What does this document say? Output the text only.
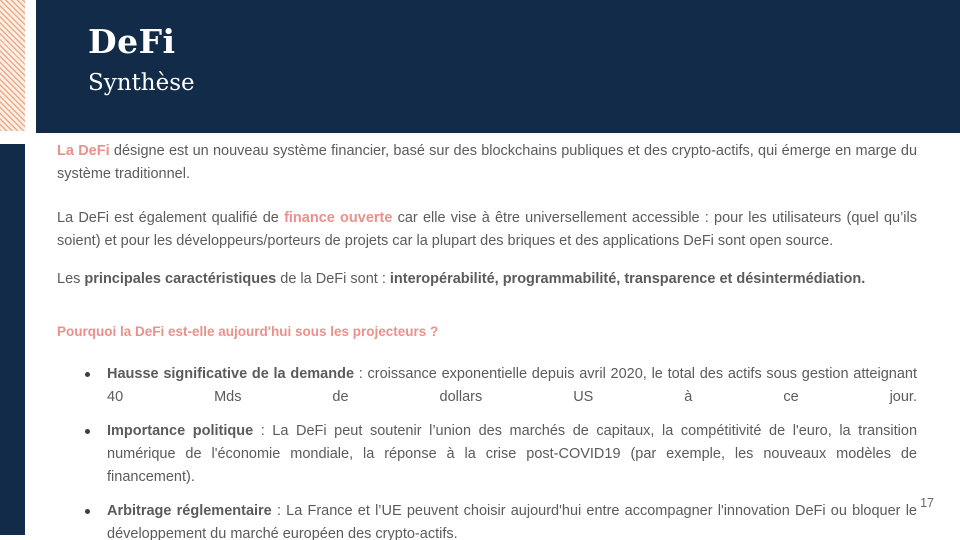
DeFi
Synthèse

La DeFi désigne est un nouveau système financier, basé sur des blockchains publiques et des crypto-actifs, qui émerge en marge du système traditionnel.

La DeFi est également qualifié de finance ouverte car elle vise à être universellement accessible : pour les utilisateurs (quel qu’ils soient) et pour les développeurs/porteurs de projets car la plupart des briques et des applications DeFi sont open source.

Les principales caractéristiques de la DeFi sont : interopérabilité, programmabilité, transparence et désintermédiation.

Pourquoi la DeFi est-elle aujourd'hui sous les projecteurs ?
Hausse significative de la demande : croissance exponentielle depuis avril 2020, le total des actifs sous gestion atteignant 40 Mds de dollars US à ce jour.
Importance politique : La DeFi peut soutenir l’union des marchés de capitaux, la compétitivité de l'euro, la transition numérique de l'économie mondiale, la réponse à la crise post-COVID19 (par exemple, les nouveaux modèles de financement).
Arbitrage réglementaire : La France et l’UE peuvent choisir aujourd'hui entre accompagner l'innovation DeFi ou bloquer le développement du marché européen des crypto-actifs.
17
